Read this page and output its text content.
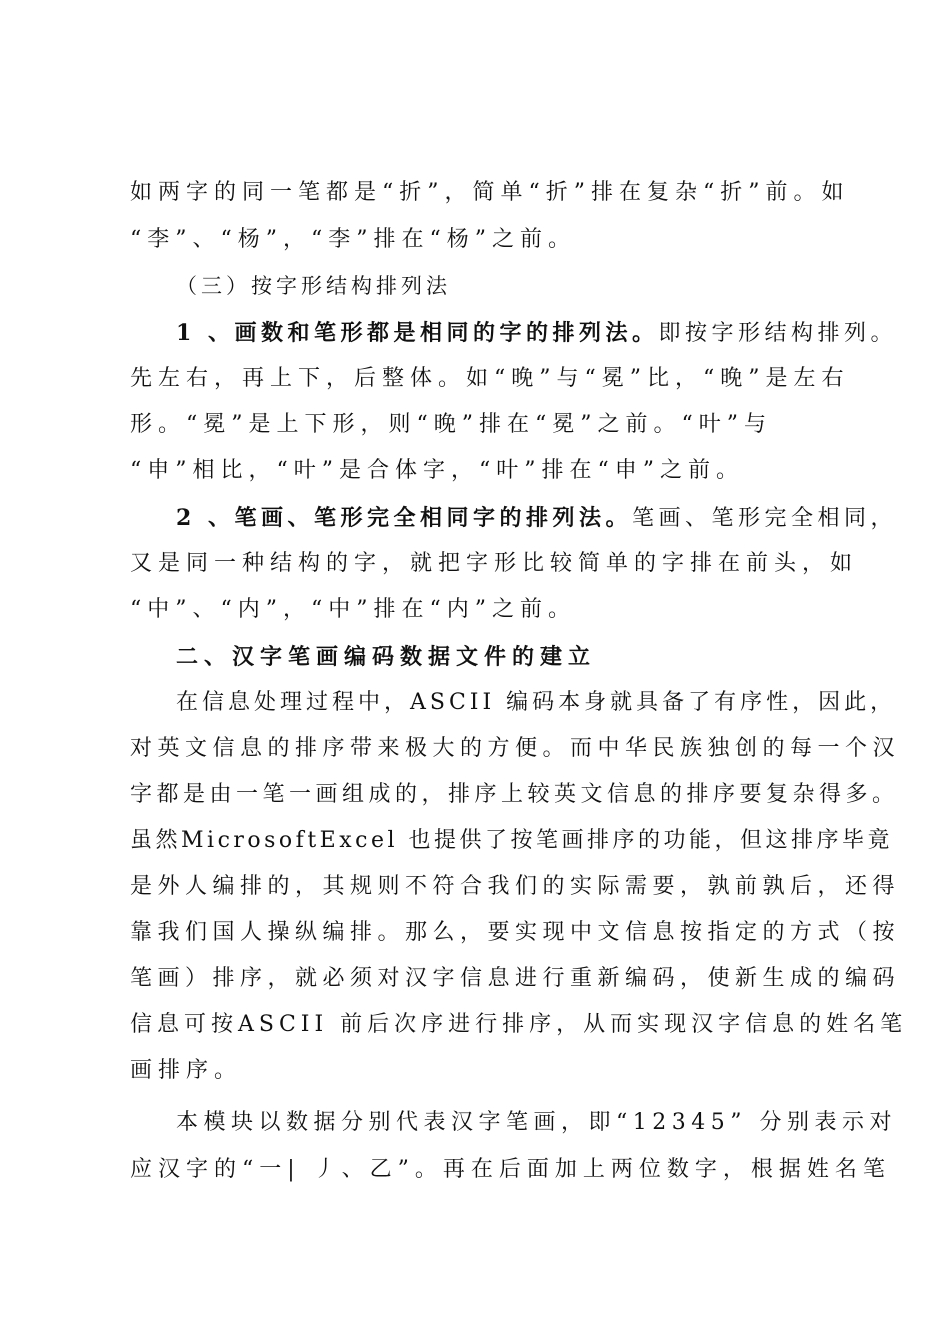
如两字的同一笔都是“折”，简单“折”排在复杂“折”前。如
“李”、“杨”，“李”排在“杨”之前。
（三）按字形结构排列法
1 、画数和笔形都是相同的字的排列法。即按字形结构排列。
先左右，再上下，后整体。如“晚”与“冕”比，“晚”是左右
形。“冕”是上下形，则“晚”排在“冕”之前。“叶”与
“申”相比，“叶”是合体字，“叶”排在“申”之前。
2 、笔画、笔形完全相同字的排列法。笔画、笔形完全相同，
又是同一种结构的字，就把字形比较简单的字排在前头，如
“中”、“内”，“中”排在“内”之前。
二、汉字笔画编码数据文件的建立
在信息处理过程中，ASCII 编码本身就具备了有序性，因此，
对英文信息的排序带来极大的方便。而中华民族独创的每一个汉
字都是由一笔一画组成的，排序上较英文信息的排序要复杂得多。
虽然MicrosoftExcel 也提供了按笔画排序的功能，但这排序毕竟
是外人编排的，其规则不符合我们的实际需要，孰前孰后，还得
靠我们国人操纵编排。那么，要实现中文信息按指定的方式（按
笔画）排序，就必须对汉字信息进行重新编码，使新生成的编码
信息可按ASCII 前后次序进行排序，从而实现汉字信息的姓名笔
画排序。
本模块以数据分别代表汉字笔画，即“12345” 分别表示对
应汉字的“一| 丿、乙”。再在后面加上两位数字，根据姓名笔
